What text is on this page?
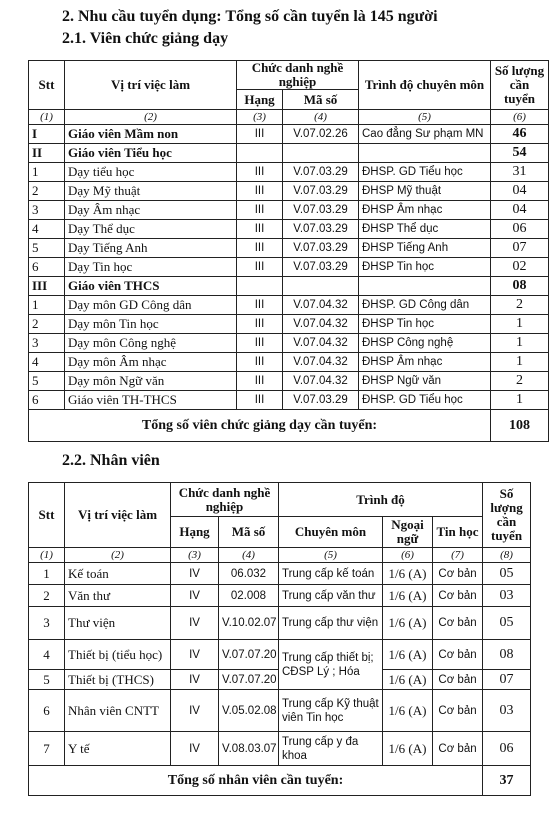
2. Nhu cầu tuyển dụng: Tổng số cần tuyển là 145 người
2.1. Viên chức giảng dạy
Stt	Vị trí việc làm	Chức danh nghề nghiệp		Trình độ chuyên môn	Số lượng cần tuyển
		Hạng	Mã số		
(1)	(2)	(3)	(4)	(5)	(6)
I	Giáo viên Mầm non	III	V.07.02.26	Cao đẳng Sư phạm MN	46
II	Giáo viên Tiểu học				54
1	Dạy tiểu học	III	V.07.03.29	ĐHSP. GD Tiểu học	31
2	Dạy Mỹ thuật	III	V.07.03.29	ĐHSP Mỹ thuật	04
3	Dạy Âm nhạc	III	V.07.03.29	ĐHSP Âm nhạc	04
4	Dạy Thể dục	III	V.07.03.29	ĐHSP Thể dục	06
5	Dạy Tiếng Anh	III	V.07.03.29	ĐHSP Tiếng Anh	07
6	Dạy Tin học	III	V.07.03.29	ĐHSP Tin học	02
III	Giáo viên THCS				08
1	Dạy môn GD Công dân	III	V.07.04.32	ĐHSP. GD Công dân	2
2	Dạy môn Tin học	III	V.07.04.32	ĐHSP Tin học	1
3	Dạy môn Công nghệ	III	V.07.04.32	ĐHSP Công nghệ	1
4	Dạy môn Âm nhạc	III	V.07.04.32	ĐHSP Âm nhạc	1
5	Dạy môn Ngữ văn	III	V.07.04.32	ĐHSP Ngữ văn	2
6	Giáo viên TH-THCS	III	V.07.03.29	ĐHSP. GD Tiểu học	1
Tổng số viên chức giảng dạy cần tuyển:					108
2.2. Nhân viên
Stt	Vị trí việc làm	Chức danh nghề nghiệp		Trình độ			Số lượng cần tuyển
		Hạng	Mã số	Chuyên môn	Ngoại ngữ	Tin học	
(1)	(2)	(3)	(4)	(5)	(6)	(7)	(8)
1	Kế toán	IV	06.032	Trung cấp kế toán	1/6 (A)	Cơ bản	05
2	Văn thư	IV	02.008	Trung cấp văn thư	1/6 (A)	Cơ bản	03
3	Thư viện	IV	V.10.02.07	Trung cấp thư viện	1/6 (A)	Cơ bản	05
4	Thiết bị (tiểu học)	IV	V.07.07.20	Trung cấp thiết bị; CĐSP Lý ; Hóa	1/6 (A)	Cơ bản	08
5	Thiết bị (THCS)	IV	V.07.07.20		1/6 (A)	Cơ bản	07
6	Nhân viên CNTT	IV	V.05.02.08	Trung cấp Kỹ thuật viên Tin học	1/6 (A)	Cơ bản	03
7	Y tế	IV	V.08.03.07	Trung cấp y đa khoa	1/6 (A)	Cơ bản	06
Tổng số nhân viên cần tuyển:							37
